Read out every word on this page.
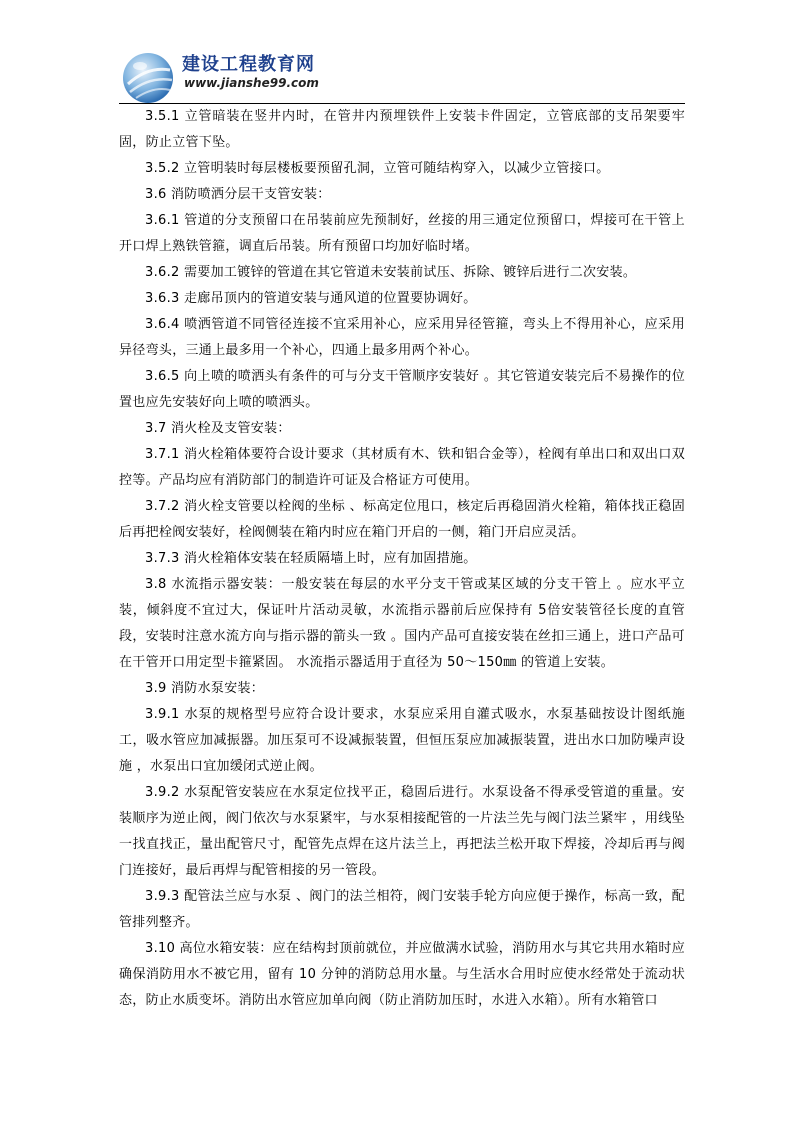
建设工程教育网
www.jianshe99.com

3.5.1 立管暗装在竖井内时，在管井内预埋铁件上安装卡件固定，立管底部的支吊架要牢固，防止立管下坠。

3.5.2 立管明装时每层楼板要预留孔洞，立管可随结构穿入，以减少立管接口。

3.6 消防喷洒分层干支管安装：

3.6.1 管道的分支预留口在吊装前应先预制好，丝接的用三通定位预留口，焊接可在干管上开口焊上熟铁管箍，调直后吊装。所有预留口均加好临时堵。

3.6.2 需要加工镀锌的管道在其它管道未安装前试压、拆除、镀锌后进行二次安装。

3.6.3 走廊吊顶内的管道安装与通风道的位置要协调好。

3.6.4 喷洒管道不同管径连接不宜采用补心，应采用异径管箍，弯头上不得用补心，应采用异径弯头，三通上最多用一个补心，四通上最多用两个补心。

3.6.5 向上喷的喷洒头有条件的可与分支干管顺序安装好 。其它管道安装完后不易操作的位置也应先安装好向上喷的喷洒头。

3.7 消火栓及支管安装：

3.7.1 消火栓箱体要符合设计要求（其材质有木、铁和铝合金等），栓阀有单出口和双出口双控等。产品均应有消防部门的制造许可证及合格证方可使用。

3.7.2 消火栓支管要以栓阀的坐标 、标高定位甩口，核定后再稳固消火栓箱，箱体找正稳固后再把栓阀安装好，栓阀侧装在箱内时应在箱门开启的一侧，箱门开启应灵活。

3.7.3 消火栓箱体安装在轻质隔墙上时，应有加固措施。

3.8 水流指示器安装：一般安装在每层的水平分支干管或某区域的分支干管上 。应水平立装，倾斜度不宜过大，保证叶片活动灵敏，水流指示器前后应保持有 5倍安装管径长度的直管段，安装时注意水流方向与指示器的箭头一致 。国内产品可直接安装在丝扣三通上，进口产品可在干管开口用定型卡箍紧固。 水流指示器适用于直径为 50～150㎜ 的管道上安装。

3.9 消防水泵安装：

3.9.1 水泵的规格型号应符合设计要求，水泵应采用自灌式吸水，水泵基础按设计图纸施工，吸水管应加减振器。加压泵可不设减振装置，但恒压泵应加减振装置，进出水口加防噪声设施 ，水泵出口宜加缓闭式逆止阀。

3.9.2 水泵配管安装应在水泵定位找平正，稳固后进行。水泵设备不得承受管道的重量。安装顺序为逆止阀，阀门依次与水泵紧牢，与水泵相接配管的一片法兰先与阀门法兰紧牢 ，用线坠一找直找正，量出配管尺寸，配管先点焊在这片法兰上，再把法兰松开取下焊接，冷却后再与阀门连接好，最后再焊与配管相接的另一管段。

3.9.3 配管法兰应与水泵 、阀门的法兰相符，阀门安装手轮方向应便于操作，标高一致，配管排列整齐。

3.10 高位水箱安装：应在结构封顶前就位，并应做满水试验，消防用水与其它共用水箱时应确保消防用水不被它用，留有 10 分钟的消防总用水量。与生活水合用时应使水经常处于流动状态，防止水质变坏。消防出水管应加单向阀（防止消防加压时，水进入水箱）。所有水箱管口
